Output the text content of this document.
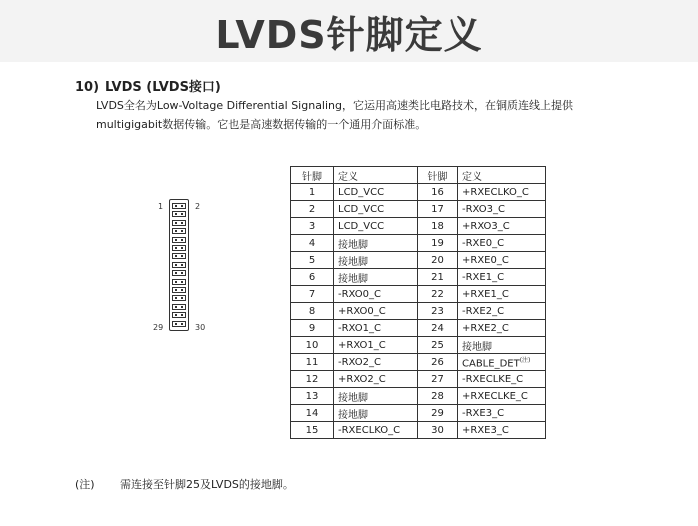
LVDS针脚定义
10) LVDS (LVDS接口)
LVDS全名为Low-Voltage Differential Signaling，它运用高速类比电路技术，在铜质连线上提供
multigigabit数据传输。它也是高速数据传输的一个通用介面标准。
1	2
29	30
针脚	定义	针脚	定义
1	LCD_VCC	16	+RXECLKO_C
2	LCD_VCC	17	-RXO3_C
3	LCD_VCC	18	+RXO3_C
4	接地脚	19	-RXE0_C
5	接地脚	20	+RXE0_C
6	接地脚	21	-RXE1_C
7	-RXO0_C	22	+RXE1_C
8	+RXO0_C	23	-RXE2_C
9	-RXO1_C	24	+RXE2_C
10	+RXO1_C	25	接地脚
11	-RXO2_C	26	CABLE_DET$^{(注)}$
12	+RXO2_C	27	-RXECLKE_C
13	接地脚	28	+RXECLKE_C
14	接地脚	29	-RXE3_C
15	-RXECLKO_C	30	+RXE3_C
(注) 需连接至针脚25及LVDS的接地脚。
